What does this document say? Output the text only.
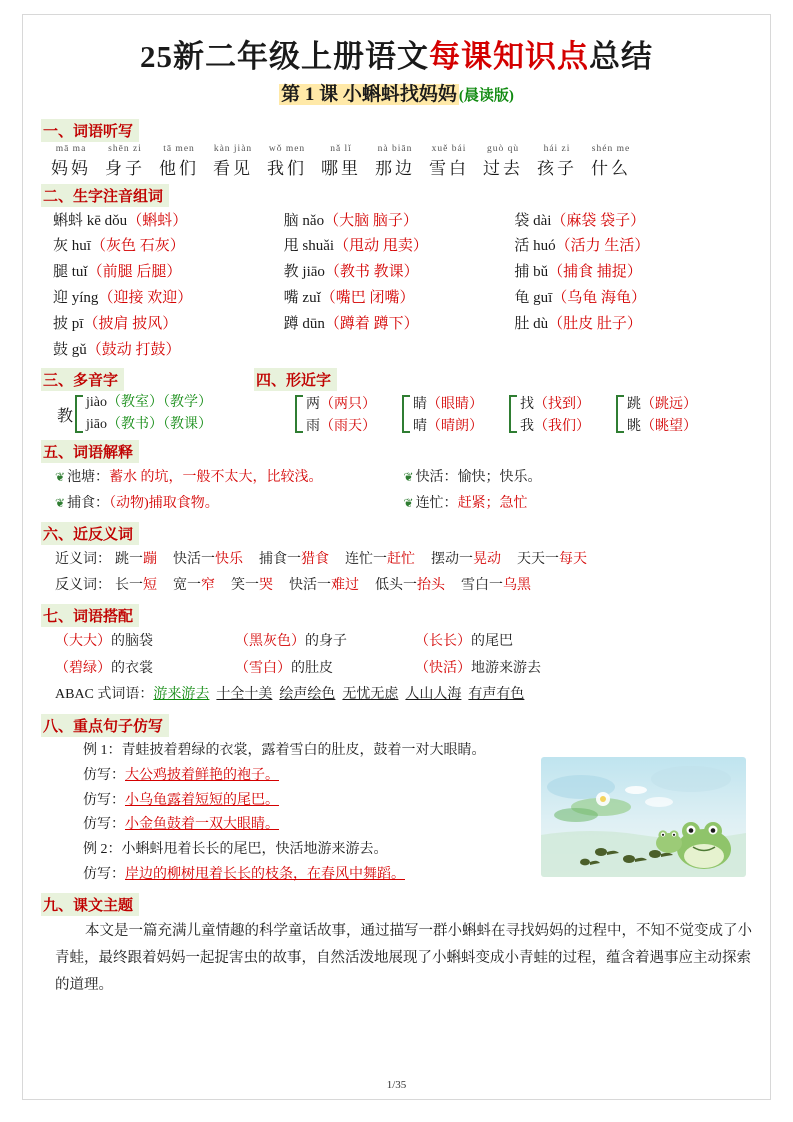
25新二年级上册语文每课知识点总结
第 1 课 小蝌蚪找妈妈 (晨读版)
一、词语听写
mā ma
妈妈
shēn zi
身子
tā men
他们
kàn jiàn
看见
wǒ men
我们
nǎ lǐ
哪里
nà biān
那边
xuě bái
雪白
guò qù
过去
hái zi
孩子
shén me
什么
二、生字注音组词
蝌蚪 kē dǒu（蝌蚪）	脑 nǎo（大脑 脑子）	袋 dài（麻袋 袋子）
灰 huī（灰色 石灰）	甩 shuǎi（甩动 甩卖）	活 huó（活力 生活）
腿 tuǐ（前腿 后腿）	教 jiāo（教书 教课）	捕 bǔ（捕食 捕捉）
迎 yíng（迎接 欢迎）	嘴 zuǐ（嘴巴 闭嘴）	龟 guī（乌龟 海龟）
披 pī（披肩 披风）	蹲 dūn（蹲着 蹲下）	肚 dù（肚皮 肚子）
鼓 gǔ（鼓动 打鼓）
三、多音字	四、形近字
教
jiào（教室）（教学）
jiāo（教书）（教课）
两（两只）
雨（雨天）
睛（眼睛）
晴（晴朗）
找（找到）
我（我们）
跳（跳远）
眺（眺望）
五、词语解释
❦ 池塘：蓄水 的坑，一般不太大，比较浅。
❦ 捕食：（动物)捕取食物。
❦ 快活：愉快；快乐。
❦ 连忙：赶紧；急忙
六、近反义词
近义词： 跳一蹦 快活一快乐 捕食一猎食 连忙一赶忙 摆动一晃动 天天一每天
反义词： 长一短 宽一窄 笑一哭 快活一难过 低头一抬头 雪白一乌黑
七、词语搭配
（大大）的脑袋	（黑灰色）的身子	（长长）的尾巴
（碧绿）的衣裳	（雪白）的肚皮	（快活）地游来游去
ABAC 式词语：游来游去 十全十美 绘声绘色 无忧无虑 人山人海 有声有色
八、重点句子仿写
例 1：青蛙披着碧绿的衣裳，露着雪白的肚皮，鼓着一对大眼睛。
仿写：大公鸡披着鲜艳的袍子。
仿写：小乌龟露着短短的尾巴。
仿写：小金鱼鼓着一双大眼睛。
例 2：小蝌蚪甩着长长的尾巴，快活地游来游去。
仿写：岸边的柳树甩着长长的枝条，在春风中舞蹈。
九、课文主题

本文是一篇充满儿童情趣的科学童话故事，通过描写一群小蝌蚪在寻找妈妈的过程中，不知不觉变成了小青蛙，最终跟着妈妈一起捉害虫的故事，自然活泼地展现了小蝌蚪变成小青蛙的过程，蕴含着遇事应主动探索的道理。

1/35
